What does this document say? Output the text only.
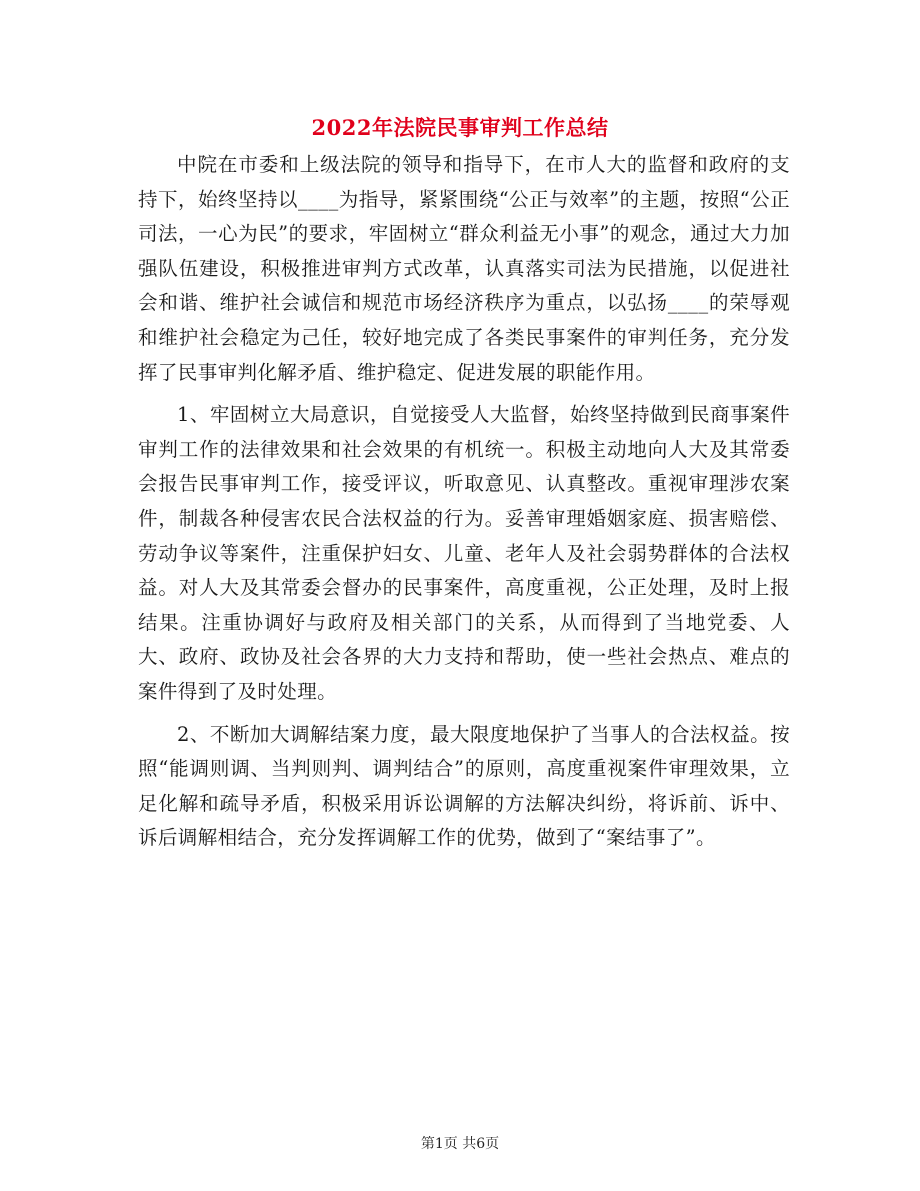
2022年法院民事审判工作总结

中院在市委和上级法院的领导和指导下，在市人大的监督和政府的支持下，始终坚持以____为指导，紧紧围绕“公正与效率”的主题，按照“公正司法，一心为民”的要求，牢固树立“群众利益无小事”的观念，通过大力加强队伍建设，积极推进审判方式改革，认真落实司法为民措施，以促进社会和谐、维护社会诚信和规范市场经济秩序为重点，以弘扬____的荣辱观和维护社会稳定为己任，较好地完成了各类民事案件的审判任务，充分发挥了民事审判化解矛盾、维护稳定、促进发展的职能作用。

1、牢固树立大局意识，自觉接受人大监督，始终坚持做到民商事案件审判工作的法律效果和社会效果的有机统一。积极主动地向人大及其常委会报告民事审判工作，接受评议，听取意见、认真整改。重视审理涉农案件，制裁各种侵害农民合法权益的行为。妥善审理婚姻家庭、损害赔偿、劳动争议等案件，注重保护妇女、儿童、老年人及社会弱势群体的合法权益。对人大及其常委会督办的民事案件，高度重视，公正处理，及时上报结果。注重协调好与政府及相关部门的关系，从而得到了当地党委、人大、政府、政协及社会各界的大力支持和帮助，使一些社会热点、难点的案件得到了及时处理。

2、不断加大调解结案力度，最大限度地保护了当事人的合法权益。按照“能调则调、当判则判、调判结合”的原则，高度重视案件审理效果，立足化解和疏导矛盾，积极采用诉讼调解的方法解决纠纷，将诉前、诉中、诉后调解相结合，充分发挥调解工作的优势，做到了“案结事了”。

第1页 共6页
